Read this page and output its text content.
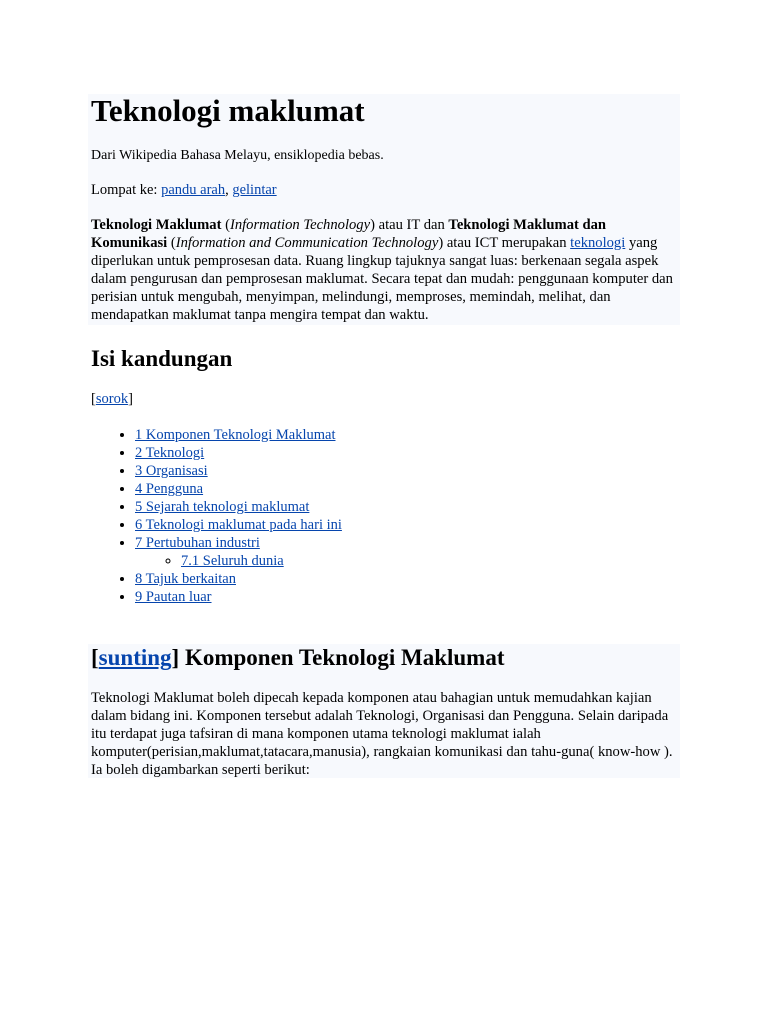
Teknologi maklumat
Dari Wikipedia Bahasa Melayu, ensiklopedia bebas.
Lompat ke: pandu arah, gelintar
Teknologi Maklumat (Information Technology) atau IT dan Teknologi Maklumat dan Komunikasi (Information and Communication Technology) atau ICT merupakan teknologi yang diperlukan untuk pemprosesan data. Ruang lingkup tajuknya sangat luas: berkenaan segala aspek dalam pengurusan dan pemprosesan maklumat. Secara tepat dan mudah: penggunaan komputer dan perisian untuk mengubah, menyimpan, melindungi, memproses, memindah, melihat, dan mendapatkan maklumat tanpa mengira tempat dan waktu.
Isi kandungan
[sorok]
• 1 Komponen Teknologi Maklumat
• 2 Teknologi
• 3 Organisasi
• 4 Pengguna
• 5 Sejarah teknologi maklumat
• 6 Teknologi maklumat pada hari ini
• 7 Pertubuhan industri
◦ 7.1 Seluruh dunia
• 8 Tajuk berkaitan
• 9 Pautan luar
[sunting] Komponen Teknologi Maklumat
Teknologi Maklumat boleh dipecah kepada komponen atau bahagian untuk memudahkan kajian dalam bidang ini. Komponen tersebut adalah Teknologi, Organisasi dan Pengguna. Selain daripada itu terdapat juga tafsiran di mana komponen utama teknologi maklumat ialah komputer(perisian,maklumat,tatacara,manusia), rangkaian komunikasi dan tahu-guna( know-how ). Ia boleh digambarkan seperti berikut:
